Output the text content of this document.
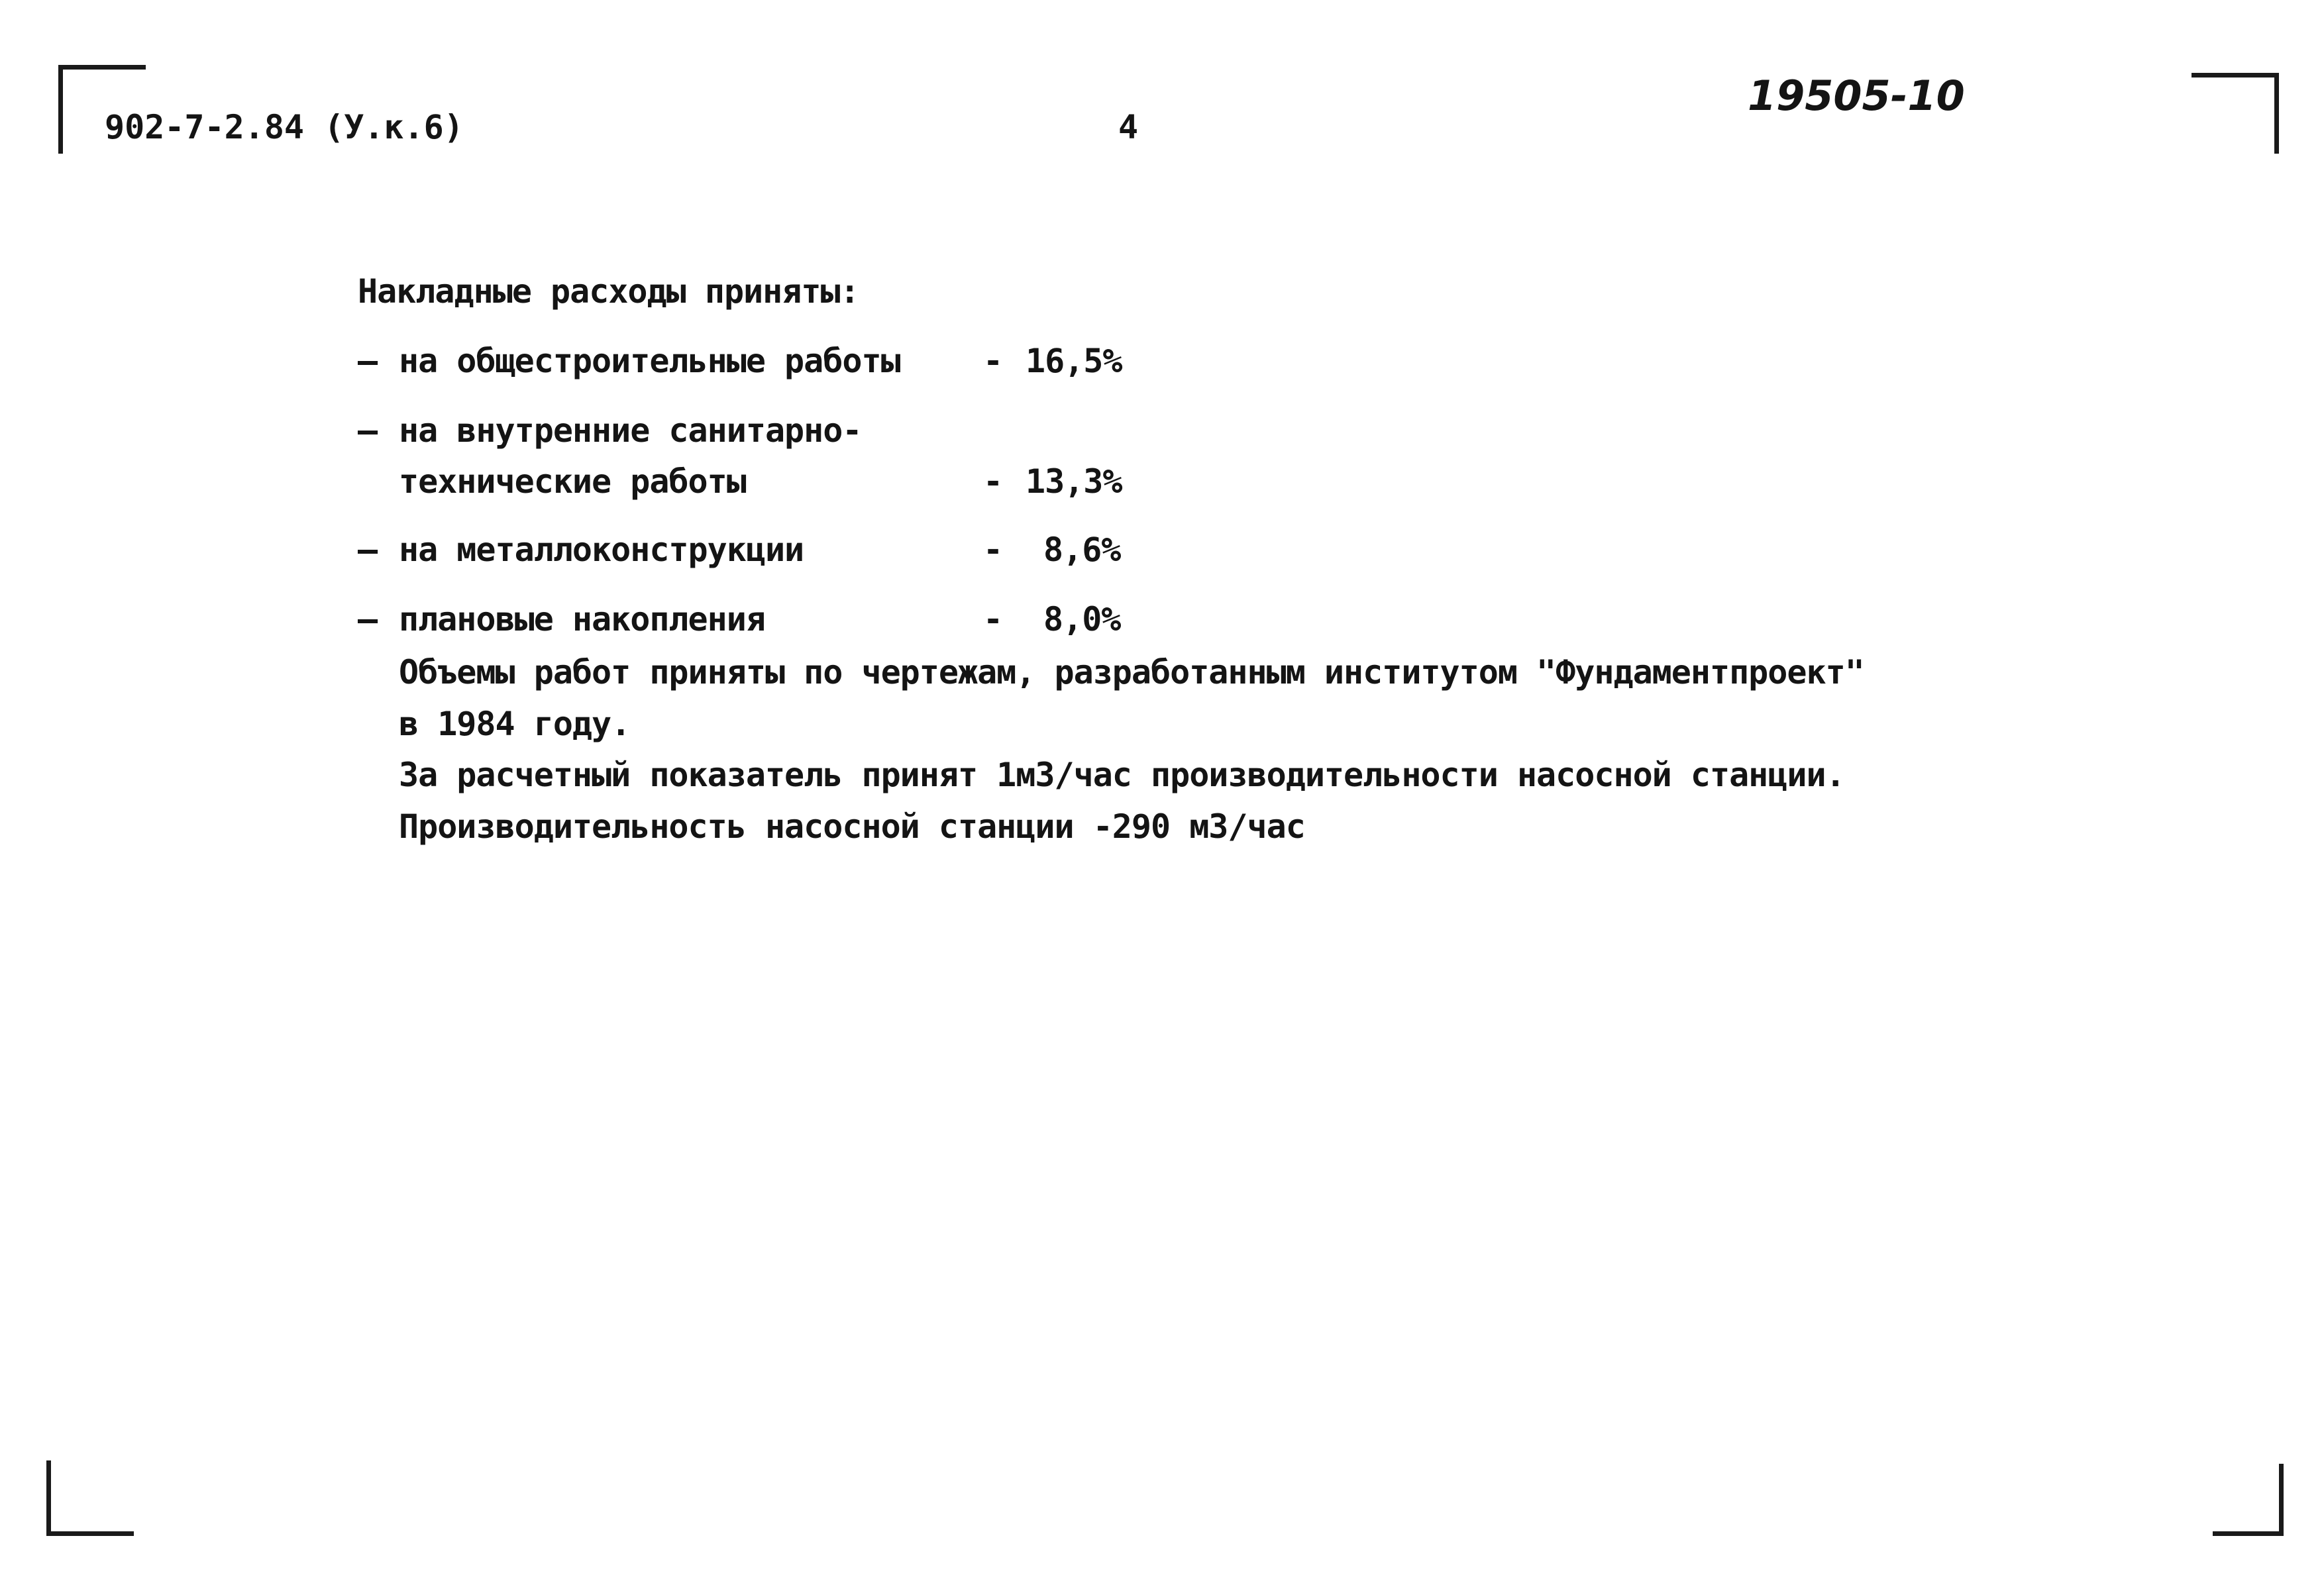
902-7-2.84 (У.к.6)	4
19505-10
Накладные расходы приняты:
– на общестроительные работы	- 16,5%
– на внутренние санитарно-
технические работы	- 13,3%
– на металлоконструкции	- 8,6%
– плановые накопления	- 8,0%
Объемы работ приняты по чертежам, разработанным институтом "Фундаментпроект"
в 1984 году.
За расчетный показатель принят 1м3/час производительности насосной станции.
Производительность насосной станции -290 м3/час
